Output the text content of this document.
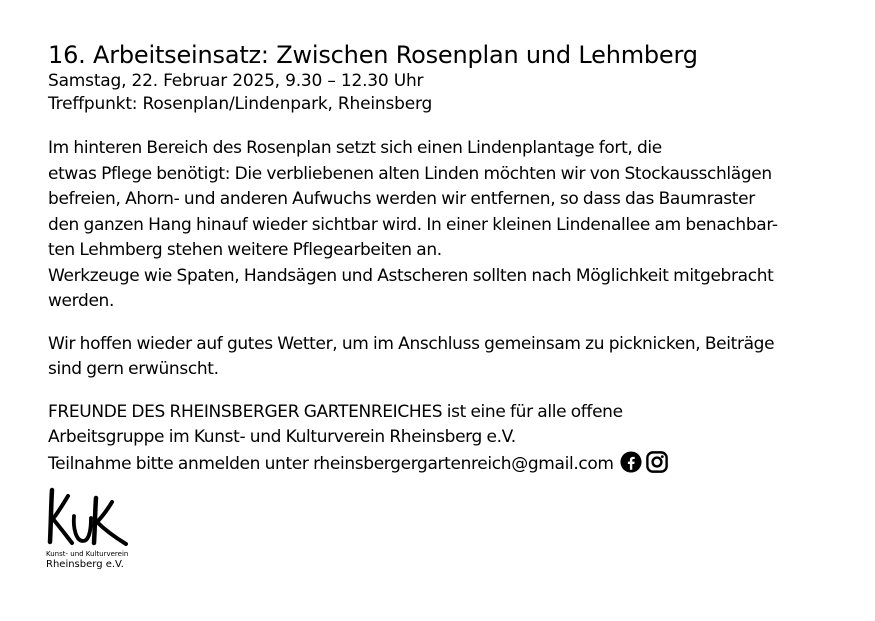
16. Arbeitseinsatz: Zwischen Rosenplan und Lehmberg

Samstag, 22. Februar 2025, 9.30 – 12.30 Uhr

Treffpunkt: Rosenplan/Lindenpark, Rheinsberg

Im hinteren Bereich des Rosenplan setzt sich einen Lindenplantage fort, die
etwas Pflege benötigt: Die verbliebenen alten Linden möchten wir von Stockausschlägen
befreien, Ahorn- und anderen Aufwuchs werden wir entfernen, so dass das Baumraster
den ganzen Hang hinauf wieder sichtbar wird. In einer kleinen Lindenallee am benachbar-
ten Lehmberg stehen weitere Pflegearbeiten an.
Werkzeuge wie Spaten, Handsägen und Astscheren sollten nach Möglichkeit mitgebracht
werden.

Wir hoffen wieder auf gutes Wetter, um im Anschluss gemeinsam zu picknicken, Beiträge
sind gern erwünscht.

FREUNDE DES RHEINSBERGER GARTENREICHES ist eine für alle offene
Arbeitsgruppe im Kunst- und Kulturverein Rheinsberg e.V.
Teilnahme bitte anmelden unter rheinsbergergartenreich@gmail.com

Kunst- und Kulturverein
Rheinsberg e.V.
